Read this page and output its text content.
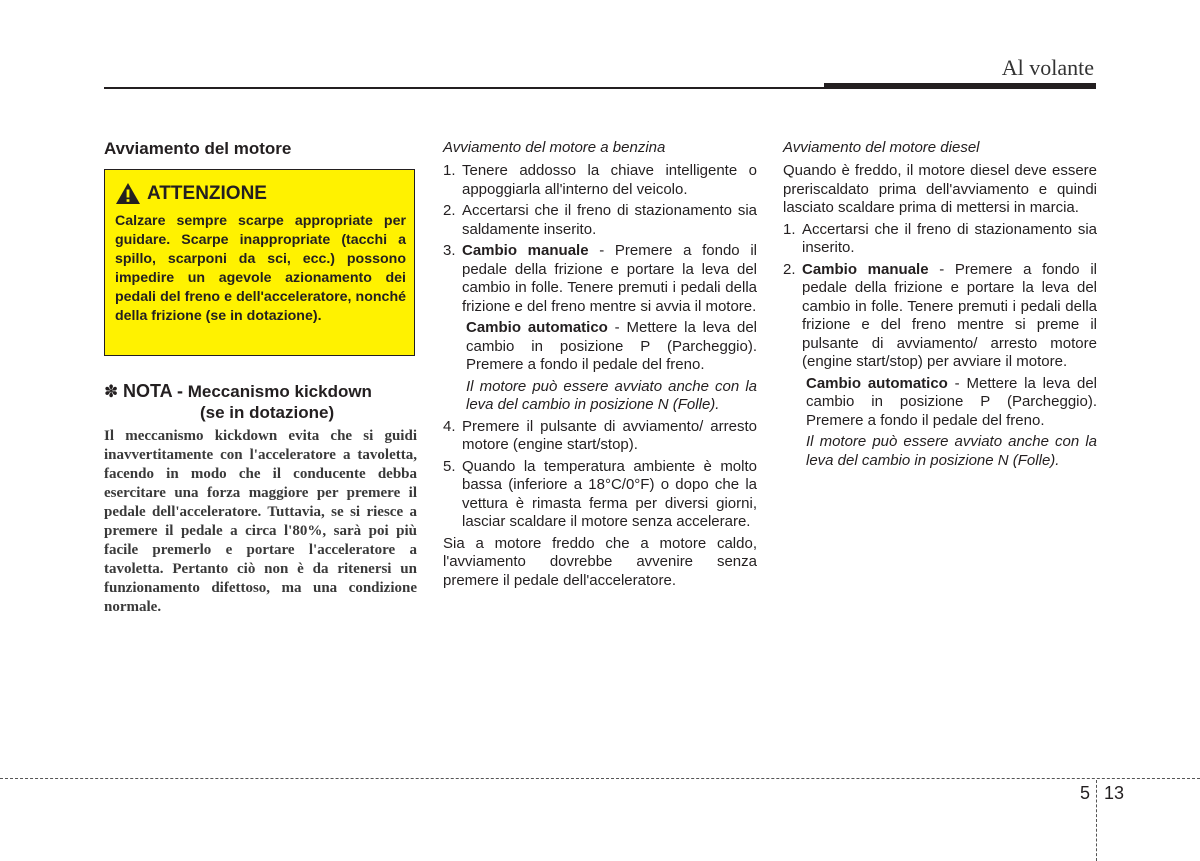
Al volante
Avviamento del motore
ATTENZIONE
Calzare sempre scarpe appropriate per guidare. Scarpe inappropriate (tacchi a spillo, scarponi da sci, ecc.) possono impedire un agevole azionamento dei pedali del freno e dell'acceleratore, nonché della frizione (se in dotazione).
✽ NOTA - Meccanismo kickdown
(se in dotazione)
Il meccanismo kickdown evita che si guidi inavvertitamente con l'acceleratore a tavoletta, facendo in modo che il conducente debba esercitare una forza maggiore per premere il pedale dell'acceleratore. Tuttavia, se si riesce a premere il pedale a circa l'80%, sarà poi più facile premerlo e portare l'acceleratore a tavoletta. Pertanto ciò non è da ritenersi un funzionamento difettoso, ma una condizione normale.
Avviamento del motore a benzina
1. Tenere addosso la chiave intelligente o appoggiarla all'interno del veicolo.
2. Accertarsi che il freno di stazionamento sia saldamente inserito.
3. Cambio manuale - Premere a fondo il pedale della frizione e portare la leva del cambio in folle. Tenere premuti i pedali della frizione e del freno mentre si avvia il motore.
Cambio automatico - Mettere la leva del cambio in posizione P (Parcheggio). Premere a fondo il pedale del freno.
Il motore può essere avviato anche con la leva del cambio in posizione N (Folle).
4. Premere il pulsante di avviamento/ arresto motore (engine start/stop).
5. Quando la temperatura ambiente è molto bassa (inferiore a 18°C/0°F) o dopo che la vettura è rimasta ferma per diversi giorni, lasciar scaldare il motore senza accelerare.
Sia a motore freddo che a motore caldo, l'avviamento dovrebbe avvenire senza premere il pedale dell'acceleratore.
Avviamento del motore diesel
Quando è freddo, il motore diesel deve essere preriscaldato prima dell'avviamento e quindi lasciato scaldare prima di mettersi in marcia.
1. Accertarsi che il freno di stazionamento sia inserito.
2. Cambio manuale - Premere a fondo il pedale della frizione e portare la leva del cambio in folle. Tenere premuti i pedali della frizione e del freno mentre si preme il pulsante di avviamento/ arresto motore (engine start/stop) per avviare il motore.
Cambio automatico - Mettere la leva del cambio in posizione P (Parcheggio). Premere a fondo il pedale del freno.
Il motore può essere avviato anche con la leva del cambio in posizione N (Folle).
5 13
